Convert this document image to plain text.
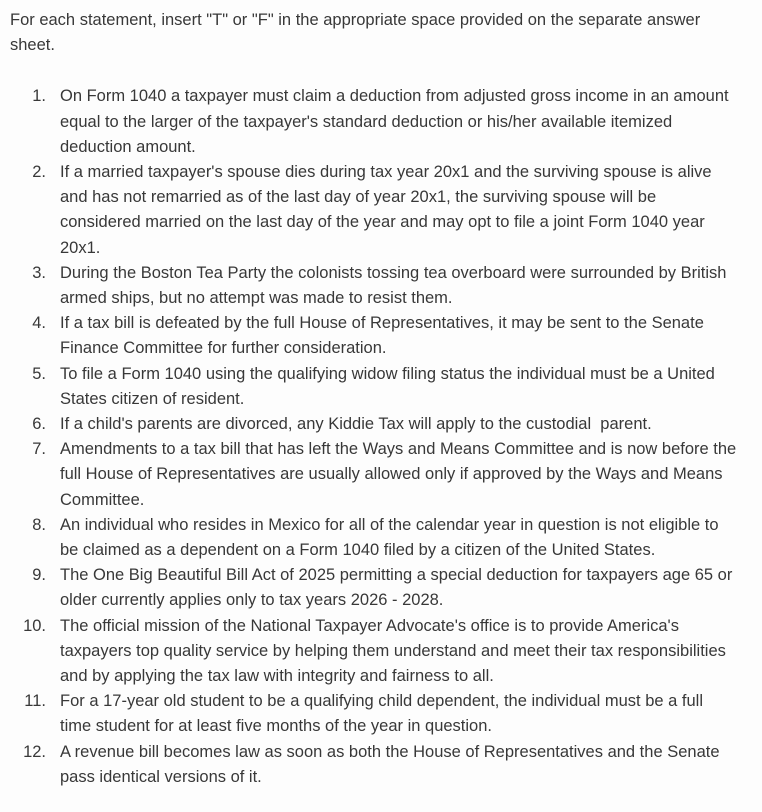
For each statement, insert "T" or "F" in the appropriate space provided on the separate answer sheet.

1. On Form 1040 a taxpayer must claim a deduction from adjusted gross income in an amount equal to the larger of the taxpayer's standard deduction or his/her available itemized deduction amount.
2. If a married taxpayer's spouse dies during tax year 20x1 and the surviving spouse is alive and has not remarried as of the last day of year 20x1, the surviving spouse will be considered married on the last day of the year and may opt to file a joint Form 1040 year 20x1.
3. During the Boston Tea Party the colonists tossing tea overboard were surrounded by British armed ships, but no attempt was made to resist them.
4. If a tax bill is defeated by the full House of Representatives, it may be sent to the Senate Finance Committee for further consideration.
5. To file a Form 1040 using the qualifying widow filing status the individual must be a United States citizen of resident.
6. If a child's parents are divorced, any Kiddie Tax will apply to the custodial  parent.
7. Amendments to a tax bill that has left the Ways and Means Committee and is now before the full House of Representatives are usually allowed only if approved by the Ways and Means Committee.
8. An individual who resides in Mexico for all of the calendar year in question is not eligible to be claimed as a dependent on a Form 1040 filed by a citizen of the United States.
9. The One Big Beautiful Bill Act of 2025 permitting a special deduction for taxpayers age 65 or older currently applies only to tax years 2026 - 2028.
10. The official mission of the National Taxpayer Advocate's office is to provide America's taxpayers top quality service by helping them understand and meet their tax responsibilities and by applying the tax law with integrity and fairness to all.
11. For a 17-year old student to be a qualifying child dependent, the individual must be a full time student for at least five months of the year in question.
12. A revenue bill becomes law as soon as both the House of Representatives and the Senate pass identical versions of it.
